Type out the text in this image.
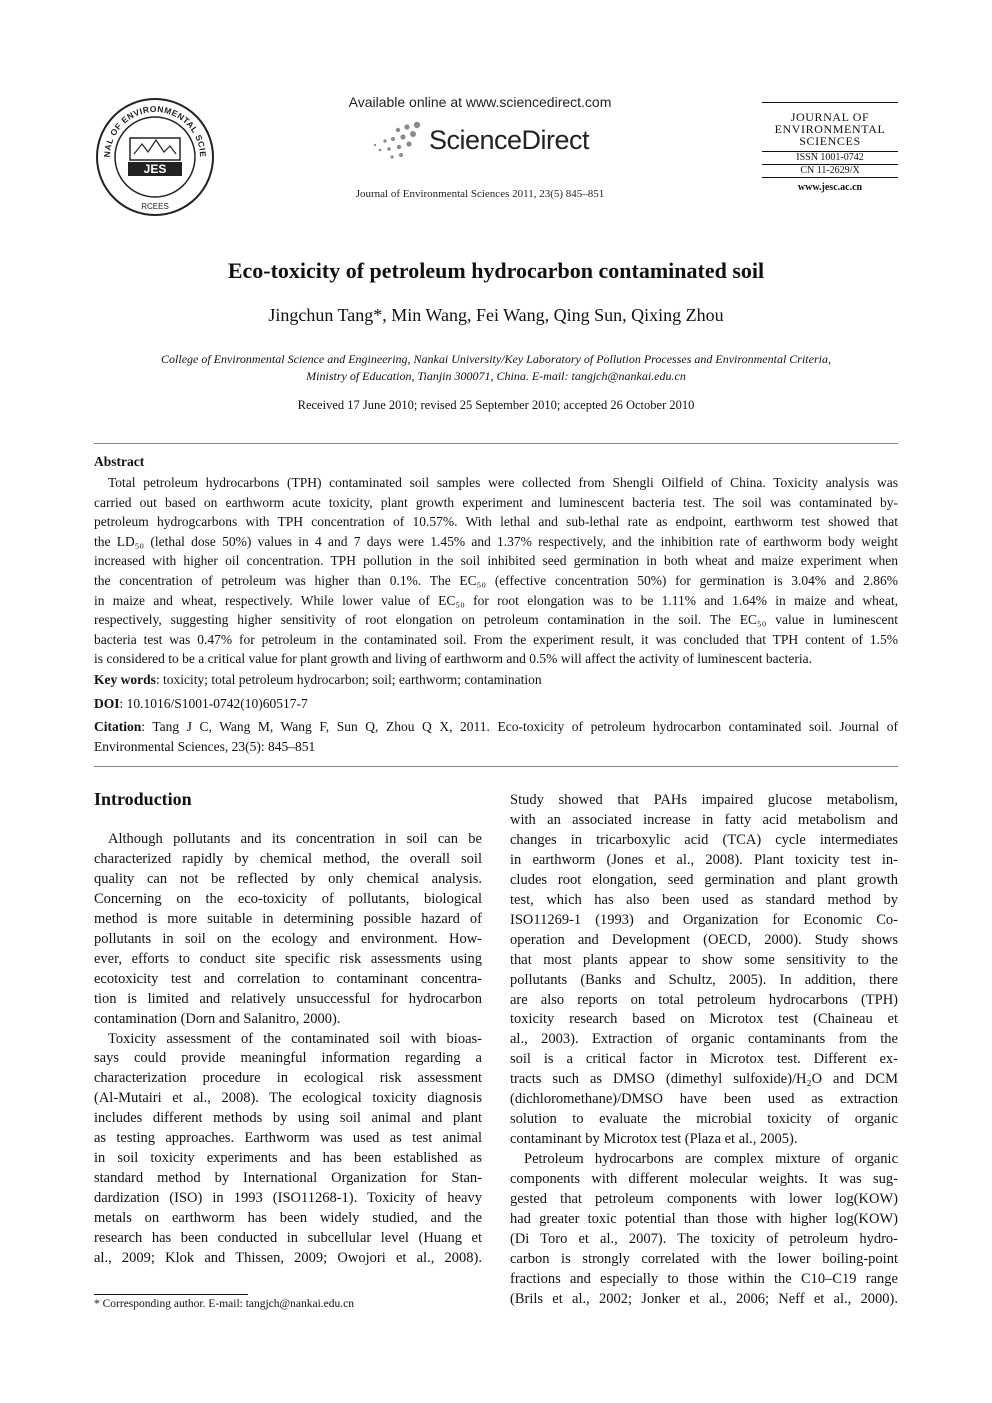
NAL OF ENVIRONMENTAL SCIE
JES
RCEES
Available online at www.sciencedirect.com
ScienceDirect
Journal of Environmental Sciences 2011, 23(5) 845–851
JOURNAL OF
ENVIRONMENTAL
SCIENCES
ISSN 1001-0742
CN 11-2629/X
www.jesc.ac.cn
Eco-toxicity of petroleum hydrocarbon contaminated soil
Jingchun Tang*, Min Wang, Fei Wang, Qing Sun, Qixing Zhou
College of Environmental Science and Engineering, Nankai University/Key Laboratory of Pollution Processes and Environmental Criteria,
Ministry of Education, Tianjin 300071, China. E-mail: tangjch@nankai.edu.cn
Received 17 June 2010; revised 25 September 2010; accepted 26 October 2010
Abstract
Total petroleum hydrocarbons (TPH) contaminated soil samples were collected from Shengli Oilfield of China. Toxicity analysis was
carried out based on earthworm acute toxicity, plant growth experiment and luminescent bacteria test. The soil was contaminated by-
petroleum hydrogcarbons with TPH concentration of 10.57%. With lethal and sub-lethal rate as endpoint, earthworm test showed that
the LD₅₀ (lethal dose 50%) values in 4 and 7 days were 1.45% and 1.37% respectively, and the inhibition rate of earthworm body weight
increased with higher oil concentration. TPH pollution in the soil inhibited seed germination in both wheat and maize experiment when
the concentration of petroleum was higher than 0.1%. The EC₅₀ (effective concentration 50%) for germination is 3.04% and 2.86%
in maize and wheat, respectively. While lower value of EC₅₀ for root elongation was to be 1.11% and 1.64% in maize and wheat,
respectively, suggesting higher sensitivity of root elongation on petroleum contamination in the soil. The EC₅₀ value in luminescent
bacteria test was 0.47% for petroleum in the contaminated soil. From the experiment result, it was concluded that TPH content of 1.5%
is considered to be a critical value for plant growth and living of earthworm and 0.5% will affect the activity of luminescent bacteria.
Key words: toxicity; total petroleum hydrocarbon; soil; earthworm; contamination
DOI: 10.1016/S1001-0742(10)60517-7
Citation: Tang J C, Wang M, Wang F, Sun Q, Zhou Q X, 2011. Eco-toxicity of petroleum hydrocarbon contaminated soil. Journal of
Environmental Sciences, 23(5): 845–851
Introduction
Although pollutants and its concentration in soil can be
characterized rapidly by chemical method, the overall soil
quality can not be reflected by only chemical analysis.
Concerning on the eco-toxicity of pollutants, biological
method is more suitable in determining possible hazard of
pollutants in soil on the ecology and environment. How-
ever, efforts to conduct site specific risk assessments using
ecotoxicity test and correlation to contaminant concentra-
tion is limited and relatively unsuccessful for hydrocarbon
contamination (Dorn and Salanitro, 2000).
Toxicity assessment of the contaminated soil with bioas-
says could provide meaningful information regarding a
characterization procedure in ecological risk assessment
(Al-Mutairi et al., 2008). The ecological toxicity diagnosis
includes different methods by using soil animal and plant
as testing approaches. Earthworm was used as test animal
in soil toxicity experiments and has been established as
standard method by International Organization for Stan-
dardization (ISO) in 1993 (ISO11268-1). Toxicity of heavy
metals on earthworm has been widely studied, and the
research has been conducted in subcellular level (Huang et
al., 2009; Klok and Thissen, 2009; Owojori et al., 2008).
Study showed that PAHs impaired glucose metabolism,
with an associated increase in fatty acid metabolism and
changes in tricarboxylic acid (TCA) cycle intermediates
in earthworm (Jones et al., 2008). Plant toxicity test in-
cludes root elongation, seed germination and plant growth
test, which has also been used as standard method by
ISO11269-1 (1993) and Organization for Economic Co-
operation and Development (OECD, 2000). Study shows
that most plants appear to show some sensitivity to the
pollutants (Banks and Schultz, 2005). In addition, there
are also reports on total petroleum hydrocarbons (TPH)
toxicity research based on Microtox test (Chaineau et
al., 2003). Extraction of organic contaminants from the
soil is a critical factor in Microtox test. Different ex-
tracts such as DMSO (dimethyl sulfoxide)/H₂O and DCM
(dichloromethane)/DMSO have been used as extraction
solution to evaluate the microbial toxicity of organic
contaminant by Microtox test (Plaza et al., 2005).
Petroleum hydrocarbons are complex mixture of organic
components with different molecular weights. It was sug-
gested that petroleum components with lower log(KOW)
had greater toxic potential than those with higher log(KOW)
(Di Toro et al., 2007). The toxicity of petroleum hydro-
carbon is strongly correlated with the lower boiling-point
fractions and especially to those within the C10–C19 range
(Brils et al., 2002; Jonker et al., 2006; Neff et al., 2000).
* Corresponding author. E-mail: tangjch@nankai.edu.cn
